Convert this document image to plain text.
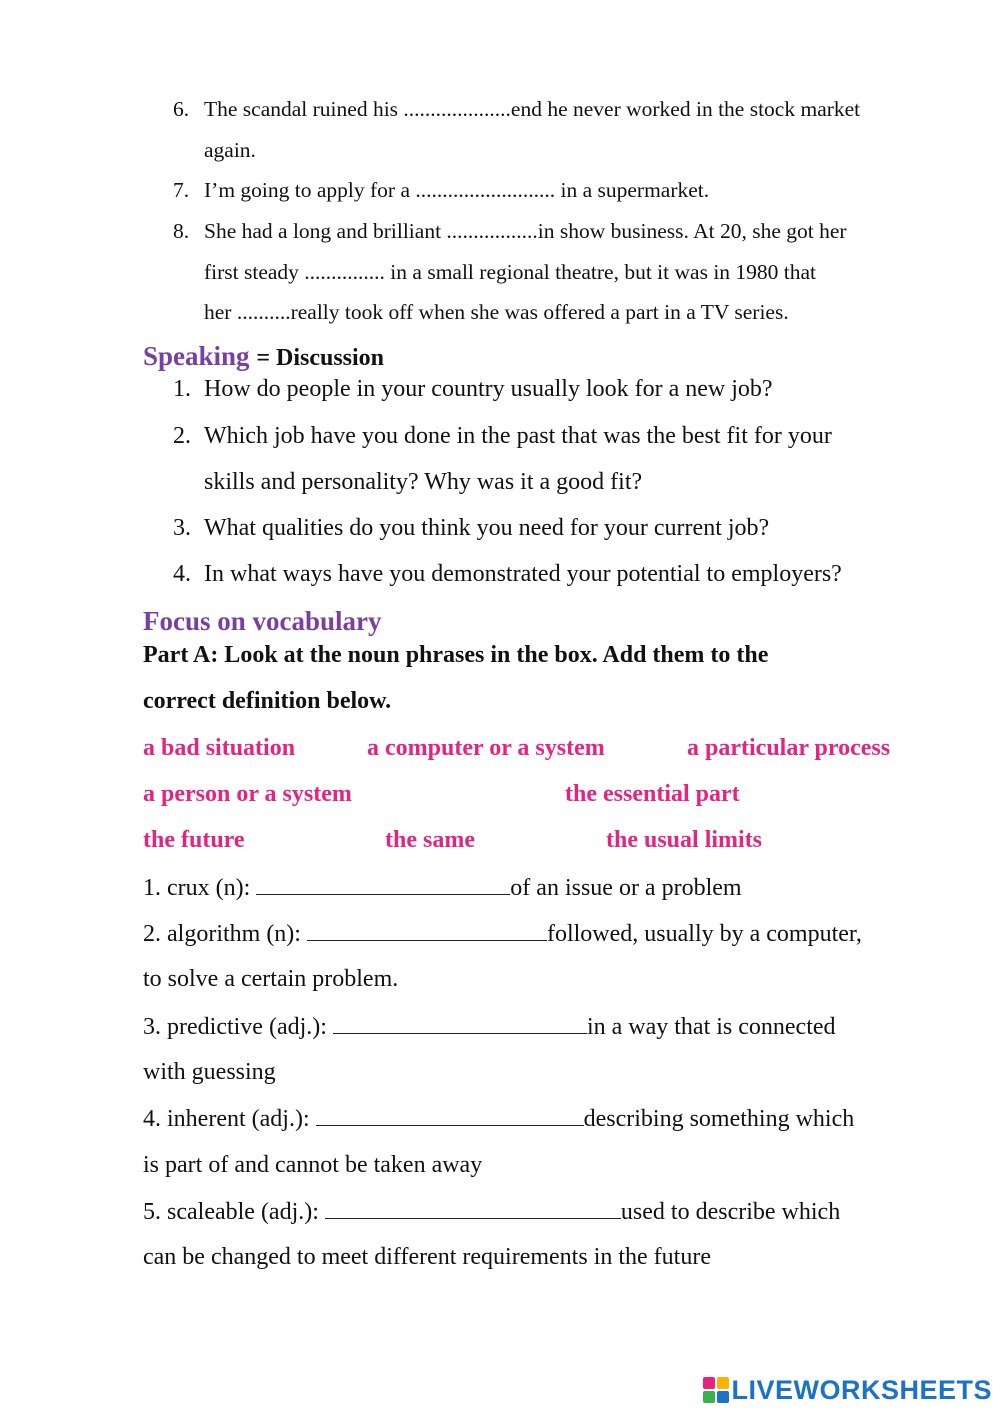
6. The scandal ruined his ....................end he never worked in the stock market
again.
7. I’m going to apply for a .......................... in a supermarket.
8. She had a long and brilliant .................in show business. At 20, she got her
first steady ............... in a small regional theatre, but it was in 1980 that
her ..........really took off when she was offered a part in a TV series.
Speaking = Discussion
1. How do people in your country usually look for a new job?
2. Which job have you done in the past that was the best fit for your
skills and personality? Why was it a good fit?
3. What qualities do you think you need for your current job?
4. In what ways have you demonstrated your potential to employers?
Focus on vocabulary
Part A: Look at the noun phrases in the box. Add them to the
correct definition below.
a bad situation	a computer or a system	a particular process
a person or a system	the essential part
the future	the same	the usual limits
1. crux (n):	of an issue or a problem
2. algorithm (n):	followed, usually by a computer,
to solve a certain problem.
3. predictive (adj.):	in a way that is connected
with guessing
4. inherent (adj.):	describing something which
is part of and cannot be taken away
5. scaleable (adj.):	used to describe which
can be changed to meet different requirements in the future
LIVEWORKSHEETS
